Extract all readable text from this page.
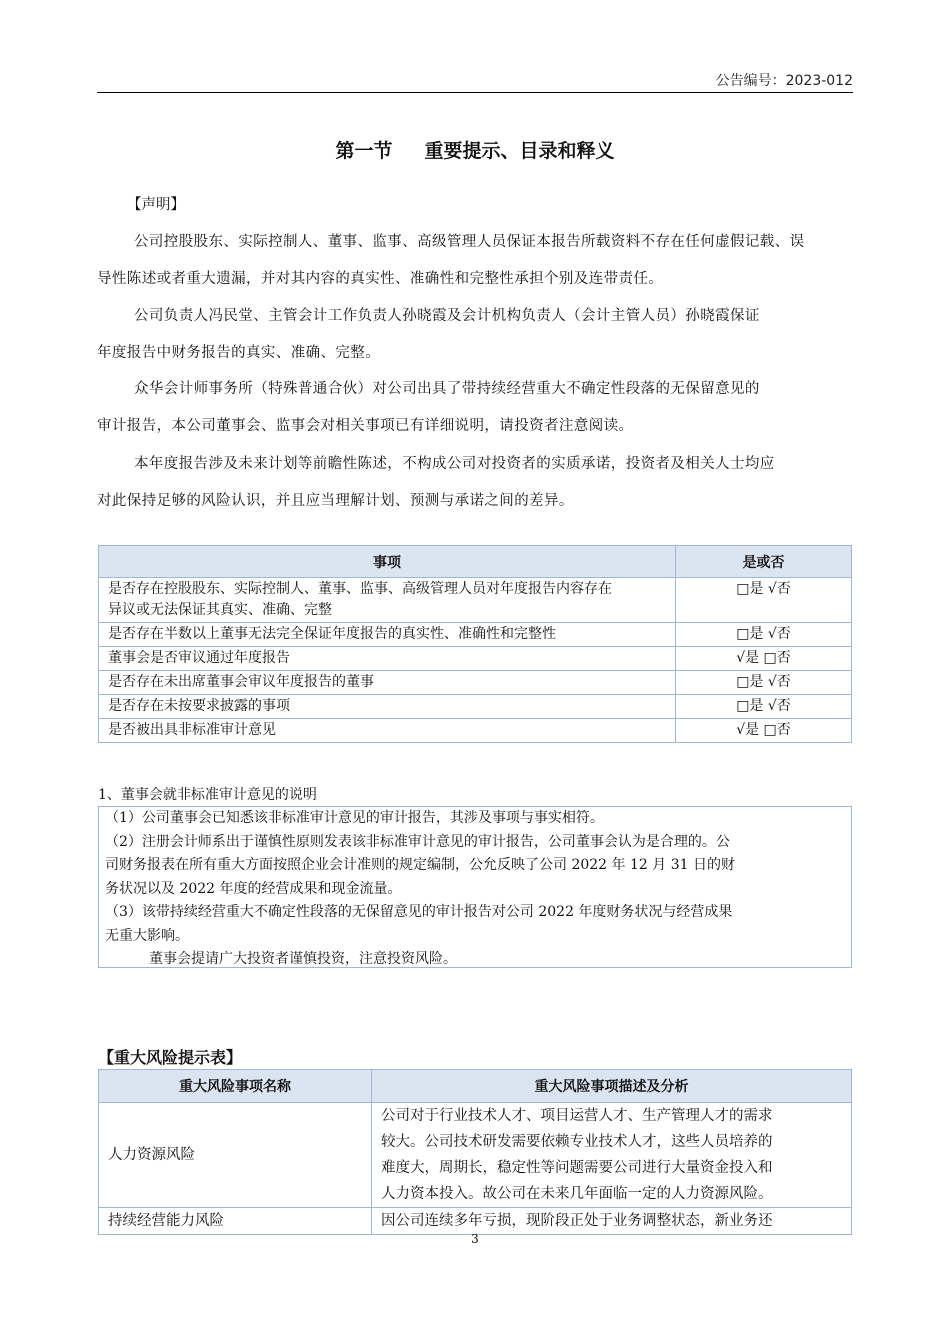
公告编号：2023-012
第一节 重要提示、目录和释义
【声明】
公司控股股东、实际控制人、董事、监事、高级管理人员保证本报告所载资料不存在任何虚假记载、误
导性陈述或者重大遗漏，并对其内容的真实性、准确性和完整性承担个别及连带责任。
公司负责人冯民堂、主管会计工作负责人孙晓霞及会计机构负责人（会计主管人员）孙晓霞保证
年度报告中财务报告的真实、准确、完整。
众华会计师事务所（特殊普通合伙）对公司出具了带持续经营重大不确定性段落的无保留意见的
审计报告，本公司董事会、监事会对相关事项已有详细说明，请投资者注意阅读。
本年度报告涉及未来计划等前瞻性陈述，不构成公司对投资者的实质承诺，投资者及相关人士均应
对此保持足够的风险认识，并且应当理解计划、预测与承诺之间的差异。
事项	是或否

是否存在控股股东、实际控制人、董事、监事、高级管理人员对年度报告内容存在
异议或无法保证其真实、准确、完整	□是 √否
是否存在半数以上董事无法完全保证年度报告的真实性、准确性和完整性	□是 √否
董事会是否审议通过年度报告	√是 □否
是否存在未出席董事会审议年度报告的董事	□是 √否
是否存在未按要求披露的事项	□是 √否
是否被出具非标准审计意见	√是 □否
1、董事会就非标准审计意见的说明
（1）公司董事会已知悉该非标准审计意见的审计报告，其涉及事项与事实相符。
（2）注册会计师系出于谨慎性原则发表该非标准审计意见的审计报告，公司董事会认为是合理的。公
司财务报表在所有重大方面按照企业会计准则的规定编制，公允反映了公司 2022 年 12 月 31 日的财
务状况以及 2022 年度的经营成果和现金流量。
（3）该带持续经营重大不确定性段落的无保留意见的审计报告对公司 2022 年度财务状况与经营成果
无重大影响。
董事会提请广大投资者谨慎投资，注意投资风险。
【重大风险提示表】
重大风险事项名称	重大风险事项描述及分析
人力资源风险	公司对于行业技术人才、项目运营人才、生产管理人才的需求
较大。公司技术研发需要依赖专业技术人才，这些人员培养的
难度大，周期长，稳定性等问题需要公司进行大量资金投入和
人力资本投入。故公司在未来几年面临一定的人力资源风险。

持续经营能力风险	因公司连续多年亏损，现阶段正处于业务调整状态，新业务还
3
